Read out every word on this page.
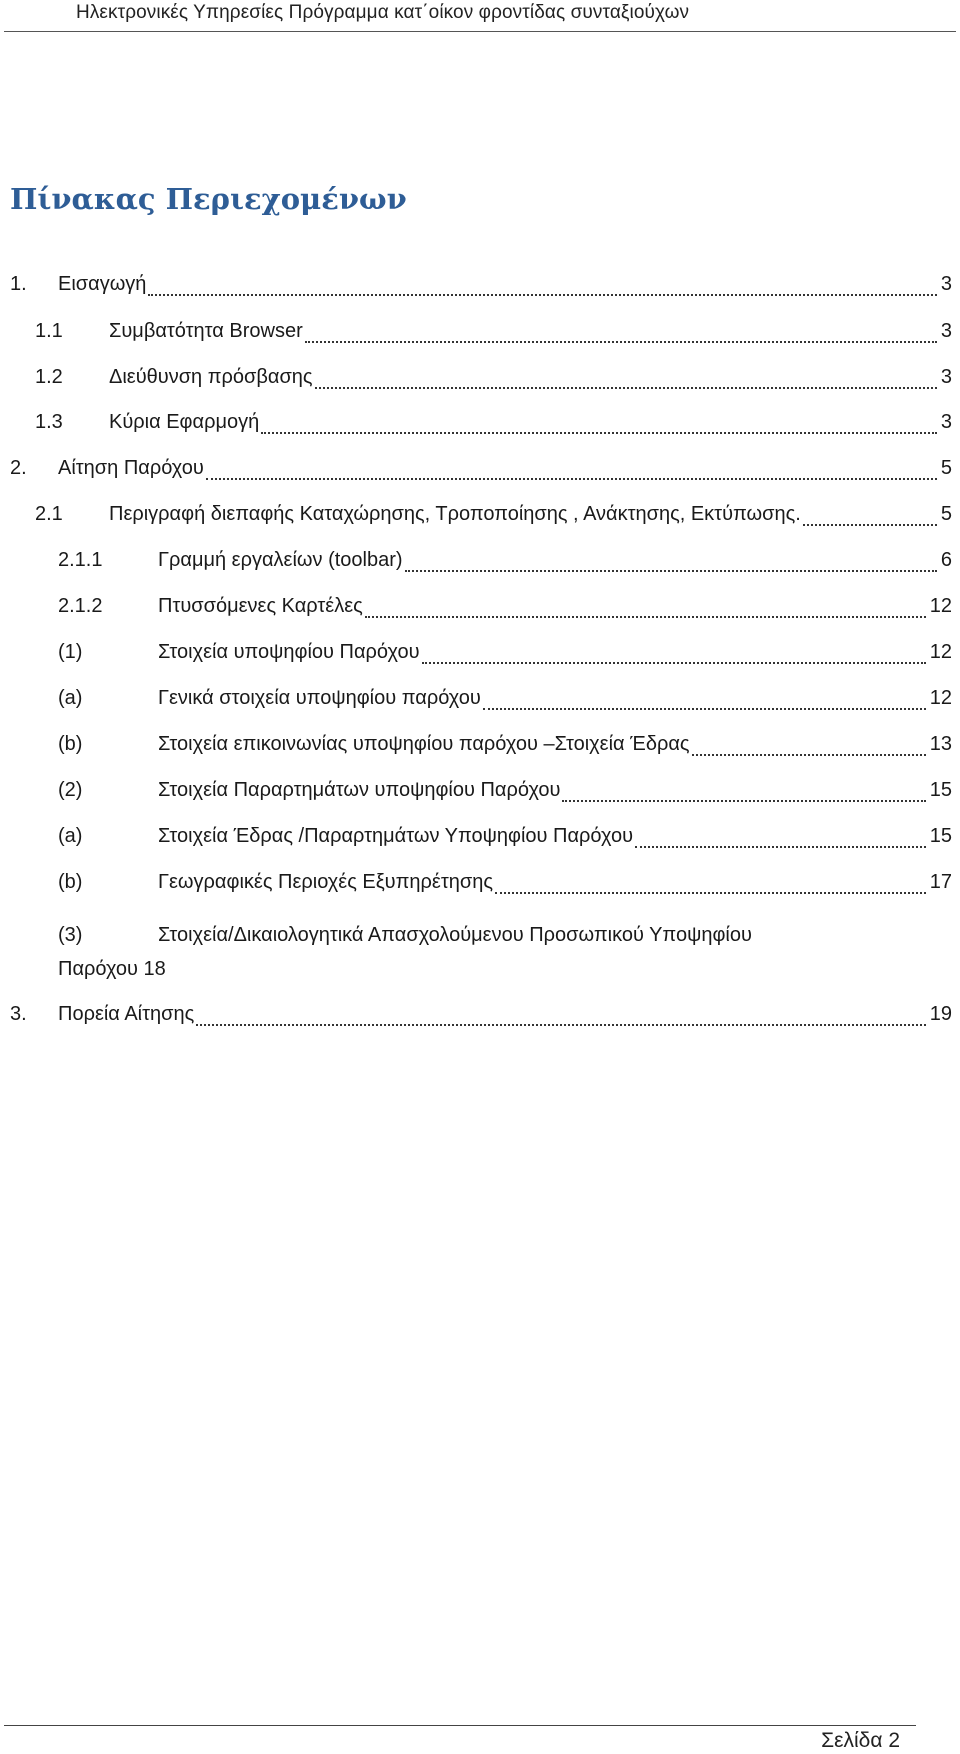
Ηλεκτρονικές Υπηρεσίες Πρόγραμμα κατ΄οίκον φροντίδας συνταξιούχων
Πίνακας Περιεχομένων
1.	Εισαγωγή	3
1.1	Συμβατότητα Browser	3
1.2	Διεύθυνση πρόσβασης	3
1.3	Κύρια Εφαρμογή	3
2.	Αίτηση Παρόχου	5
2.1	Περιγραφή διεπαφής Καταχώρησης, Τροποποίησης , Ανάκτησης, Εκτύπωσης.	5
2.1.1	Γραμμή εργαλείων (toolbar)	6
2.1.2	Πτυσσόμενες Καρτέλες	12
(1)	Στοιχεία υποψηφίου Παρόχου	12
(a)	Γενικά στοιχεία υποψηφίου παρόχου	12
(b)	Στοιχεία επικοινωνίας υποψηφίου παρόχου –Στοιχεία Έδρας	13
(2)	Στοιχεία Παραρτημάτων υποψηφίου Παρόχου	15
(a)	Στοιχεία Έδρας /Παραρτημάτων Υποψηφίου Παρόχου	15
(b)	Γεωγραφικές Περιοχές Εξυπηρέτησης	17
(3)	Στοιχεία/Δικαιολογητικά Απασχολούμενου Προσωπικού Υποψηφίου
Παρόχου 18
3.	Πορεία Αίτησης	19
Σελίδα 2
